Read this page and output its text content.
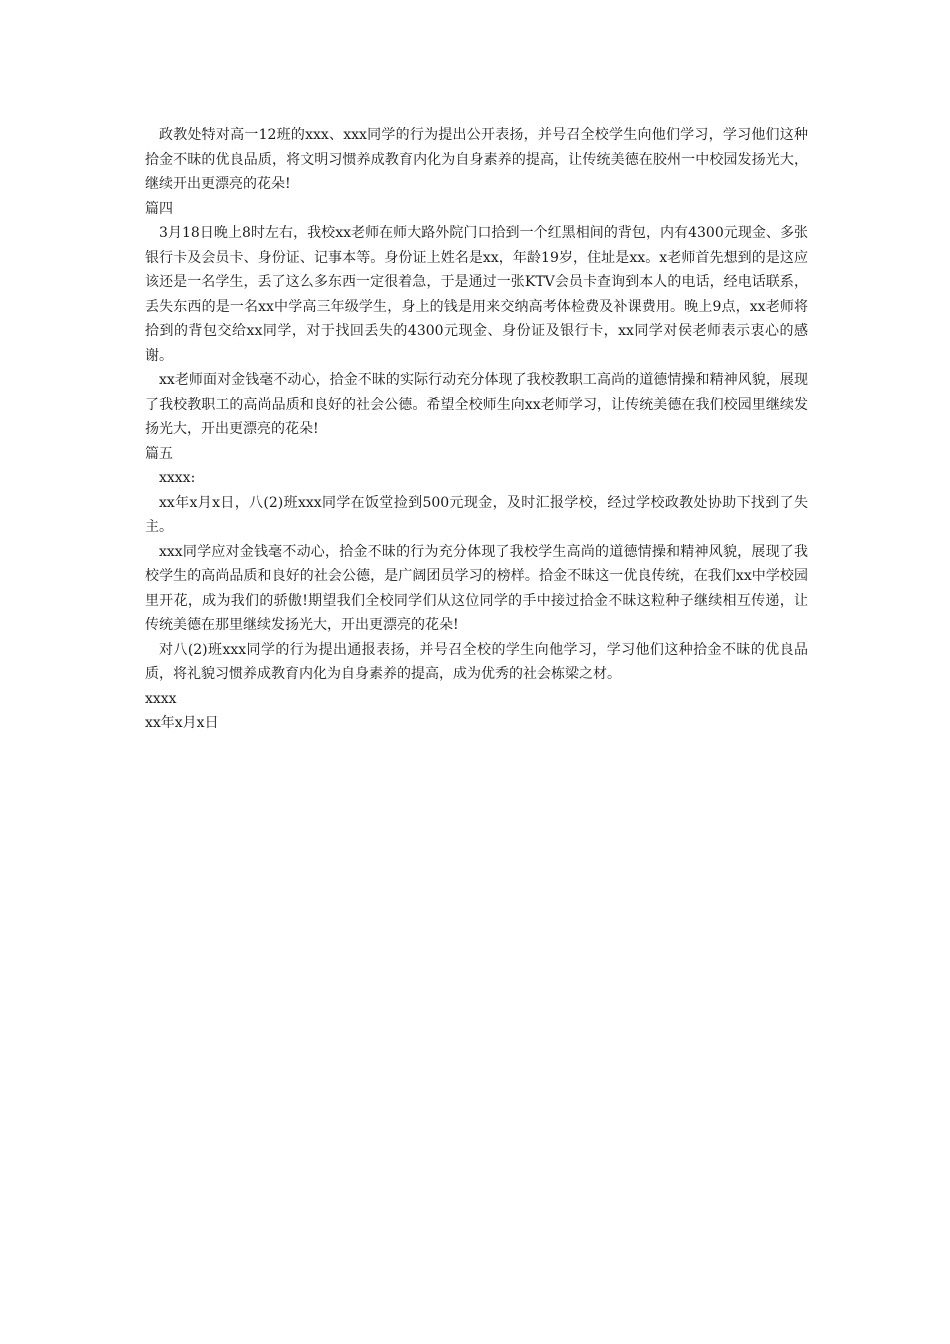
政教处特对高一12班的xxx、xxx同学的行为提出公开表扬，并号召全校学生向他们学习，学习他们这种拾金不昧的优良品质，将文明习惯养成教育内化为自身素养的提高，让传统美德在胶州一中校园发扬光大，继续开出更漂亮的花朵!

篇四

3月18日晚上8时左右，我校xx老师在师大路外院门口拾到一个红黑相间的背包，内有4300元现金、多张银行卡及会员卡、身份证、记事本等。身份证上姓名是xx，年龄19岁，住址是xx。x老师首先想到的是这应该还是一名学生，丢了这么多东西一定很着急，于是通过一张KTV会员卡查询到本人的电话，经电话联系，丢失东西的是一名xx中学高三年级学生，身上的钱是用来交纳高考体检费及补课费用。晚上9点，xx老师将拾到的背包交给xx同学，对于找回丢失的4300元现金、身份证及银行卡，xx同学对侯老师表示衷心的感谢。

xx老师面对金钱毫不动心，拾金不昧的实际行动充分体现了我校教职工高尚的道德情操和精神风貌，展现了我校教职工的高尚品质和良好的社会公德。希望全校师生向xx老师学习，让传统美德在我们校园里继续发扬光大，开出更漂亮的花朵!

篇五

xxxx:

xx年x月x日，八(2)班xxx同学在饭堂捡到500元现金，及时汇报学校，经过学校政教处协助下找到了失主。

xxx同学应对金钱毫不动心，拾金不昧的行为充分体现了我校学生高尚的道德情操和精神风貌，展现了我校学生的高尚品质和良好的社会公德，是广阔团员学习的榜样。拾金不昧这一优良传统，在我们xx中学校园里开花，成为我们的骄傲!期望我们全校同学们从这位同学的手中接过拾金不昧这粒种子继续相互传递，让传统美德在那里继续发扬光大，开出更漂亮的花朵!

对八(2)班xxx同学的行为提出通报表扬，并号召全校的学生向他学习，学习他们这种拾金不昧的优良品质，将礼貌习惯养成教育内化为自身素养的提高，成为优秀的社会栋梁之材。

xxxx

xx年x月x日
